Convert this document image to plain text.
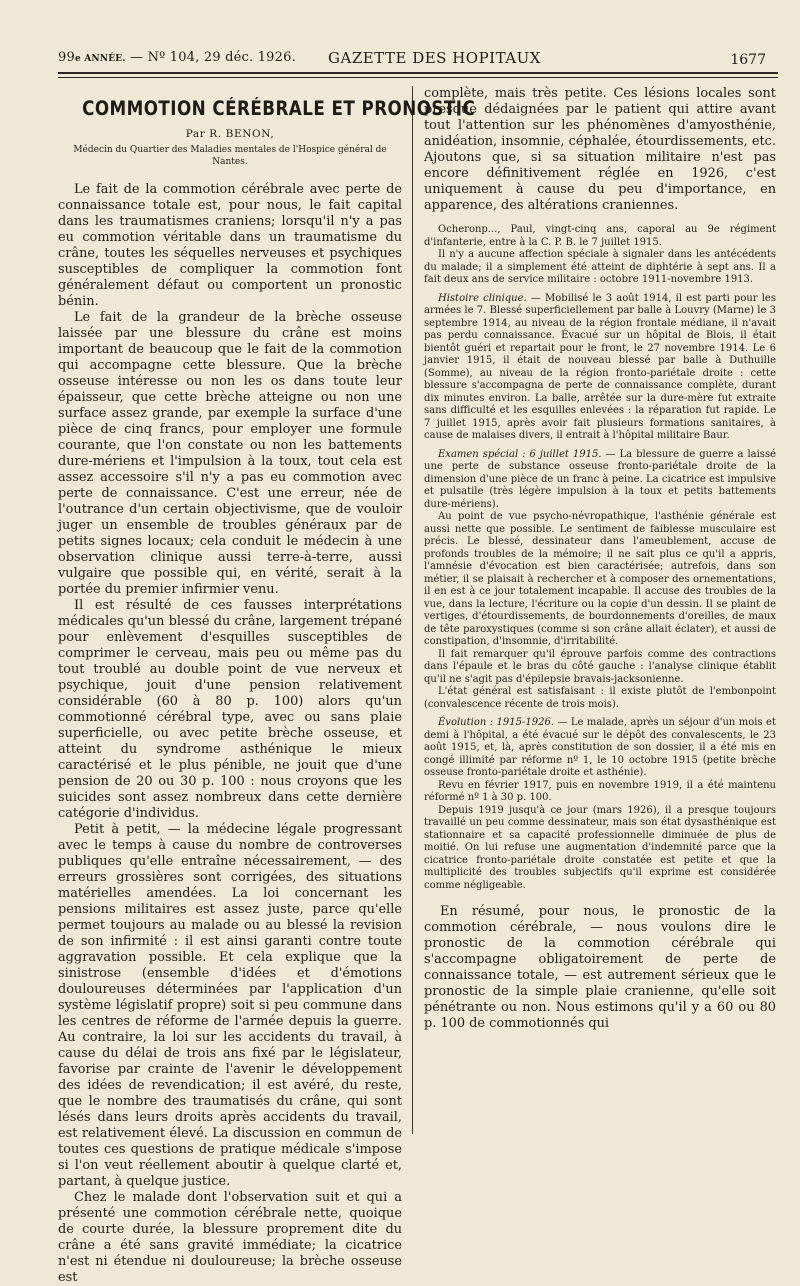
99e ANNÉE. — Nº 104, 29 déc. 1926. GAZETTE DES HOPITAUX	1677
COMMOTION CÉRÉBRALE ET PRONOSTIC
Par R. BENON,
Médecin du Quartier des Maladies mentales de l'Hospice général de Nantes.

Le fait de la commotion cérébrale avec perte de connaissance totale est, pour nous, le fait capital dans les traumatismes craniens; lorsqu'il n'y a pas eu commotion véritable dans un traumatisme du crâne, toutes les séquelles nerveuses et psychiques susceptibles de compliquer la commotion font généralement défaut ou comportent un pronostic bénin.

Le fait de la grandeur de la brèche osseuse laissée par une blessure du crâne est moins important de beaucoup que le fait de la commotion qui accompagne cette blessure. Que la brèche osseuse intéresse ou non les os dans toute leur épaisseur, que cette brèche atteigne ou non une surface assez grande, par exemple la surface d'une pièce de cinq francs, pour employer une formule courante, que l'on constate ou non les battements dure-mériens et l'impulsion à la toux, tout cela est assez accessoire s'il n'y a pas eu commotion avec perte de connaissance. C'est une erreur, née de l'outrance d'un certain objectivisme, que de vouloir juger un ensemble de troubles généraux par de petits signes locaux; cela conduit le médecin à une observation clinique aussi terre-à-terre, aussi vulgaire que possible qui, en vérité, serait à la portée du premier infirmier venu.

Il est résulté de ces fausses interprétations médicales qu'un blessé du crâne, largement trépané pour enlèvement d'esquilles susceptibles de comprimer le cerveau, mais peu ou même pas du tout troublé au double point de vue nerveux et psychique, jouit d'une pension relativement considérable (60 à 80 p. 100) alors qu'un commotionné cérébral type, avec ou sans plaie superficielle, ou avec petite brèche osseuse, et atteint du syndrome asthénique le mieux caractérisé et le plus pénible, ne jouit que d'une pension de 20 ou 30 p. 100 : nous croyons que les suicides sont assez nombreux dans cette dernière catégorie d'individus.

Petit à petit, — la médecine légale progressant avec le temps à cause du nombre de controverses publiques qu'elle entraîne nécessairement, — des erreurs grossières sont corrigées, des situations matérielles amendées. La loi concernant les pensions militaires est assez juste, parce qu'elle permet toujours au malade ou au blessé la revision de son infirmité : il est ainsi garanti contre toute aggravation possible. Et cela explique que la sinistrose (ensemble d'idées et d'émotions douloureuses déterminées par l'application d'un système législatif propre) soit si peu commune dans les centres de réforme de l'armée depuis la guerre. Au contraire, la loi sur les accidents du travail, à cause du délai de trois ans fixé par le législateur, favorise par crainte de l'avenir le développement des idées de revendication; il est avéré, du reste, que le nombre des traumatisés du crâne, qui sont lésés dans leurs droits après accidents du travail, est relativement élevé. La discussion en commun de toutes ces questions de pratique médicale s'impose si l'on veut réellement aboutir à quelque clarté et, partant, à quelque justice.

Chez le malade dont l'observation suit et qui a présenté une commotion cérébrale nette, quoique de courte durée, la blessure proprement dite du crâne a été sans gravité immédiate; la cicatrice n'est ni étendue ni douloureuse; la brèche osseuse est

complète, mais très petite. Ces lésions locales sont presque dédaignées par le patient qui attire avant tout l'attention sur les phénomènes d'amyosthénie, anidéation, insomnie, céphalée, étourdissements, etc. Ajoutons que, si sa situation militaire n'est pas encore définitivement réglée en 1926, c'est uniquement à cause du peu d'importance, en apparence, des altérations craniennes.

Ocheronp..., Paul, vingt-cinq ans, caporal au 9e régiment d'infanterie, entre à la C. P. B. le 7 juillet 1915.

Il n'y a aucune affection spéciale à signaler dans les antécédents du malade; il a simplement été atteint de diphtérie à sept ans. Il a fait deux ans de service militaire : octobre 1911-novembre 1913.

Histoire clinique. — Mobilisé le 3 août 1914, il est parti pour les armées le 7. Blessé superficiellement par balle à Louvry (Marne) le 3 septembre 1914, au niveau de la région frontale médiane, il n'avait pas perdu connaissance. Évacué sur un hôpital de Blois, il était bientôt guéri et repartait pour le front, le 27 novembre 1914. Le 6 janvier 1915, il était de nouveau blessé par balle à Duthuille (Somme), au niveau de la région fronto-pariétale droite : cette blessure s'accompagna de perte de connaissance complète, durant dix minutes environ. La balle, arrêtée sur la dure-mère fut extraite sans difficulté et les esquilles enlevées : la réparation fut rapide. Le 7 juillet 1915, après avoir fait plusieurs formations sanitaires, à cause de malaises divers, il entrait à l'hôpital militaire Baur.

Examen spécial : 6 juillet 1915. — La blessure de guerre a laissé une perte de substance osseuse fronto-pariétale droite de la dimension d'une pièce de un franc à peine. La cicatrice est impulsive et pulsatile (très légère impulsion à la toux et petits battements dure-mériens).

Au point de vue psycho-névropathique, l'asthénie générale est aussi nette que possible. Le sentiment de faiblesse musculaire est précis. Le blessé, dessinateur dans l'ameublement, accuse de profonds troubles de la mémoire; il ne sait plus ce qu'il a appris, l'amnésie d'évocation est bien caractérisée; autrefois, dans son métier, il se plaisait à rechercher et à composer des ornementations, il en est à ce jour totalement incapable. Il accuse des troubles de la vue, dans la lecture, l'écriture ou la copie d'un dessin. Il se plaint de vertiges, d'étourdissements, de bourdonnements d'oreilles, de maux de tête paroxystiques (comme si son crâne allait éclater), et aussi de constipation, d'insomnie, d'irritabilité.

Il fait remarquer qu'il éprouve parfois comme des contractions dans l'épaule et le bras du côté gauche : l'analyse clinique établit qu'il ne s'agit pas d'épilepsie bravais-jacksonienne.

L'état général est satisfaisant : il existe plutôt de l'embonpoint (convalescence récente de trois mois).

Évolution : 1915-1926. — Le malade, après un séjour d'un mois et demi à l'hôpital, a été évacué sur le dépôt des convalescents, le 23 août 1915, et, là, après constitution de son dossier, il a été mis en congé illimité par réforme nº 1, le 10 octobre 1915 (petite brèche osseuse fronto-pariétale droite et asthénie).

Revu en février 1917, puis en novembre 1919, il a été maintenu réformé nº 1 à 30 p. 100.

Depuis 1919 jusqu'à ce jour (mars 1926), il a presque toujours travaillé un peu comme dessinateur, mais son état dysasthénique est stationnaire et sa capacité professionnelle diminuée de plus de moitié. On lui refuse une augmentation d'indemnité parce que la cicatrice fronto-pariétale droite constatée est petite et que la multiplicité des troubles subjectifs qu'il exprime est considérée comme négligeable.

En résumé, pour nous, le pronostic de la commotion cérébrale, — nous voulons dire le pronostic de la commotion cérébrale qui s'accompagne obligatoirement de perte de connaissance totale, — est autrement sérieux que le pronostic de la simple plaie cranienne, qu'elle soit pénétrante ou non. Nous estimons qu'il y a 60 ou 80 p. 100 de commotionnés qui
